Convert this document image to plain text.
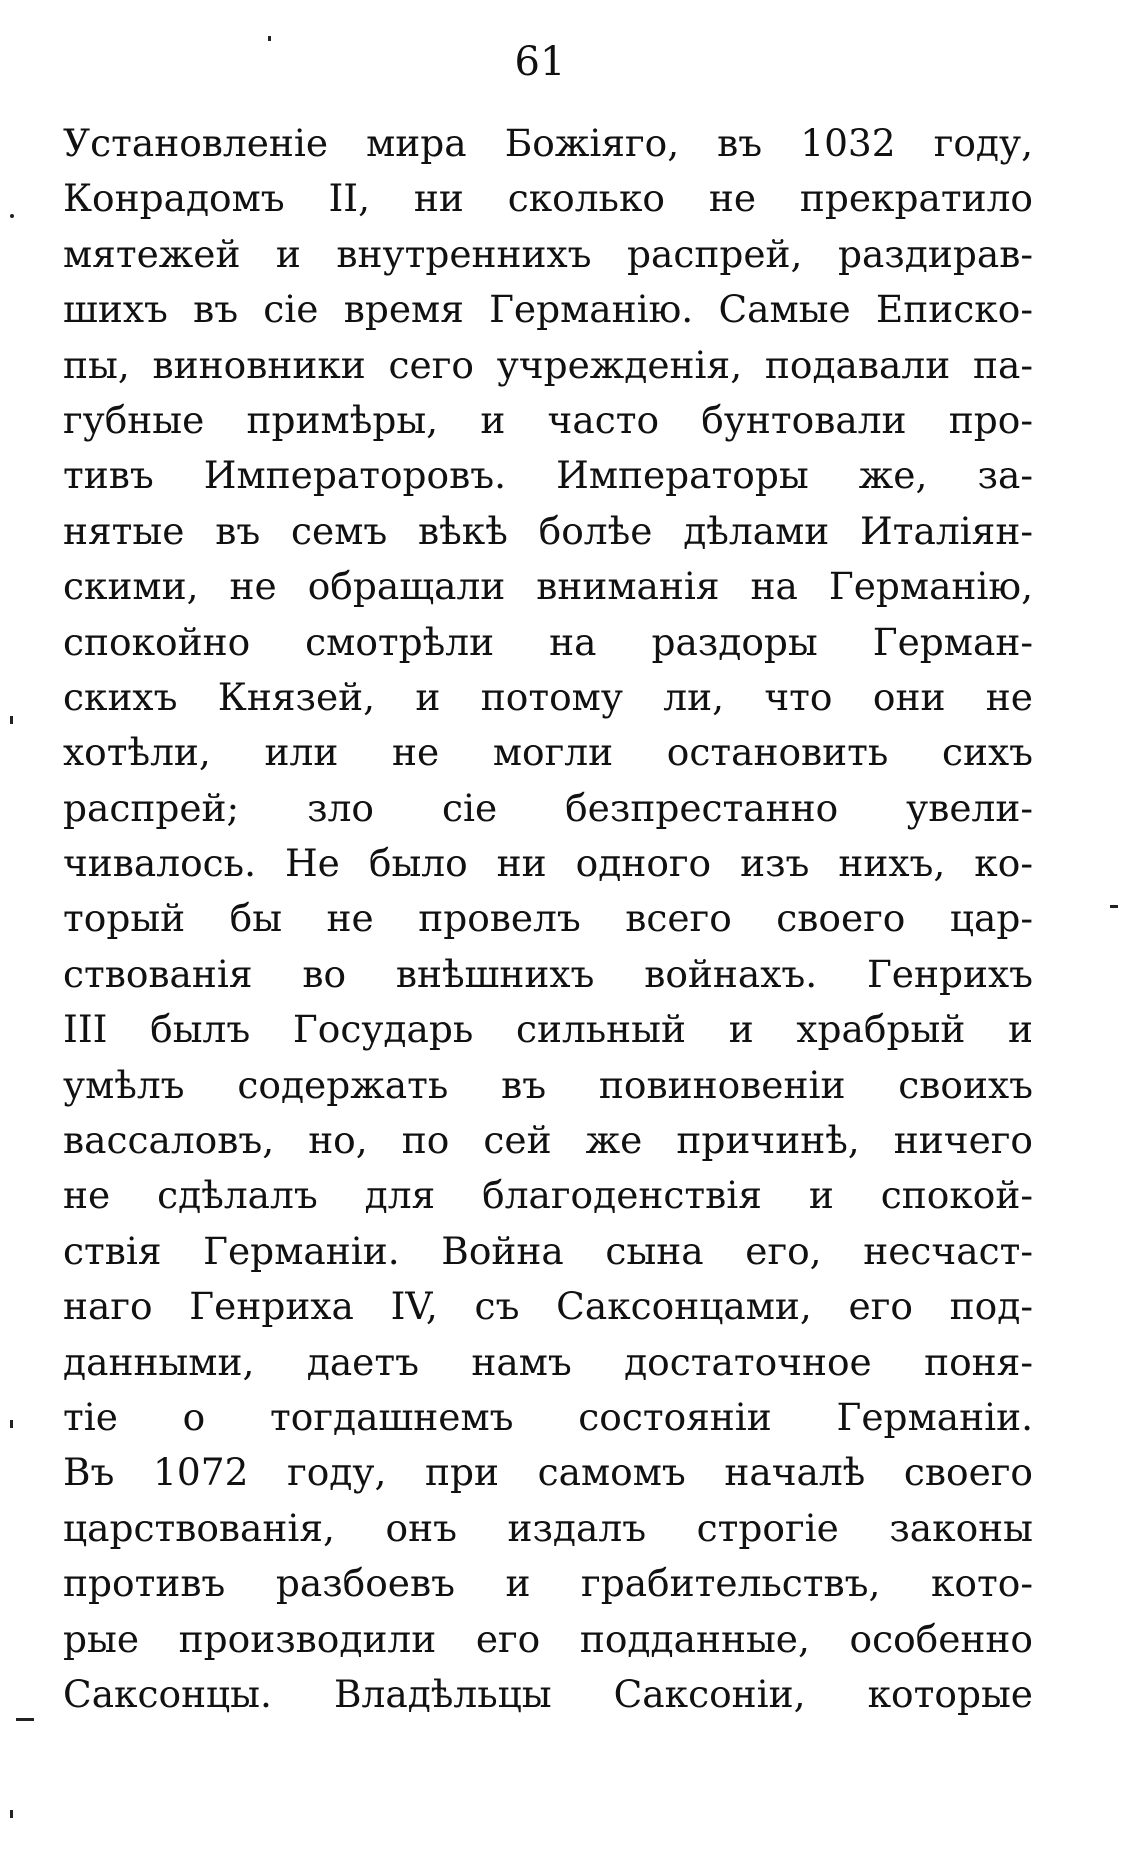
61
Установленіе мира Божіяго, въ 1032 году,
Конрадомъ II, ни сколько не прекратило
мятежей и внутреннихъ распрей, раздирав-
шихъ въ сіе время Германію. Самые Еписко-
пы, виновники сего учрежденія, подавали па-
губные примѣры, и часто бунтовали про-
тивъ Императоровъ. Императоры же, за-
нятые въ семъ вѣкѣ болѣе дѣлами Италіян-
скими, не обращали вниманія на Германію,
спокойно смотрѣли на раздоры Герман-
скихъ Князей, и потому ли, что они не
хотѣли, или не могли остановить сихъ
распрей; зло сіе безпрестанно увели-
чивалось. Не было ни одного изъ нихъ, ко-
торый бы не провелъ всего своего цар-
ствованія во внѣшнихъ войнахъ. Генрихъ
III былъ Государь сильный и храбрый и
умѣлъ содержать въ повиновеніи своихъ
вассаловъ, но, по сей же причинѣ, ничего
не сдѣлалъ для благоденствія и спокой-
ствія Германіи. Война сына его, несчаст-
наго Генриха IV, съ Саксонцами, его под-
данными, даетъ намъ достаточное поня-
тіе о тогдашнемъ состояніи Германіи.
Въ 1072 году, при самомъ началѣ своего
царствованія, онъ издалъ строгіе законы
противъ разбоевъ и грабительствъ, кото-
рые производили его подданные, особенно
Саксонцы. Владѣльцы Саксоніи, которые
